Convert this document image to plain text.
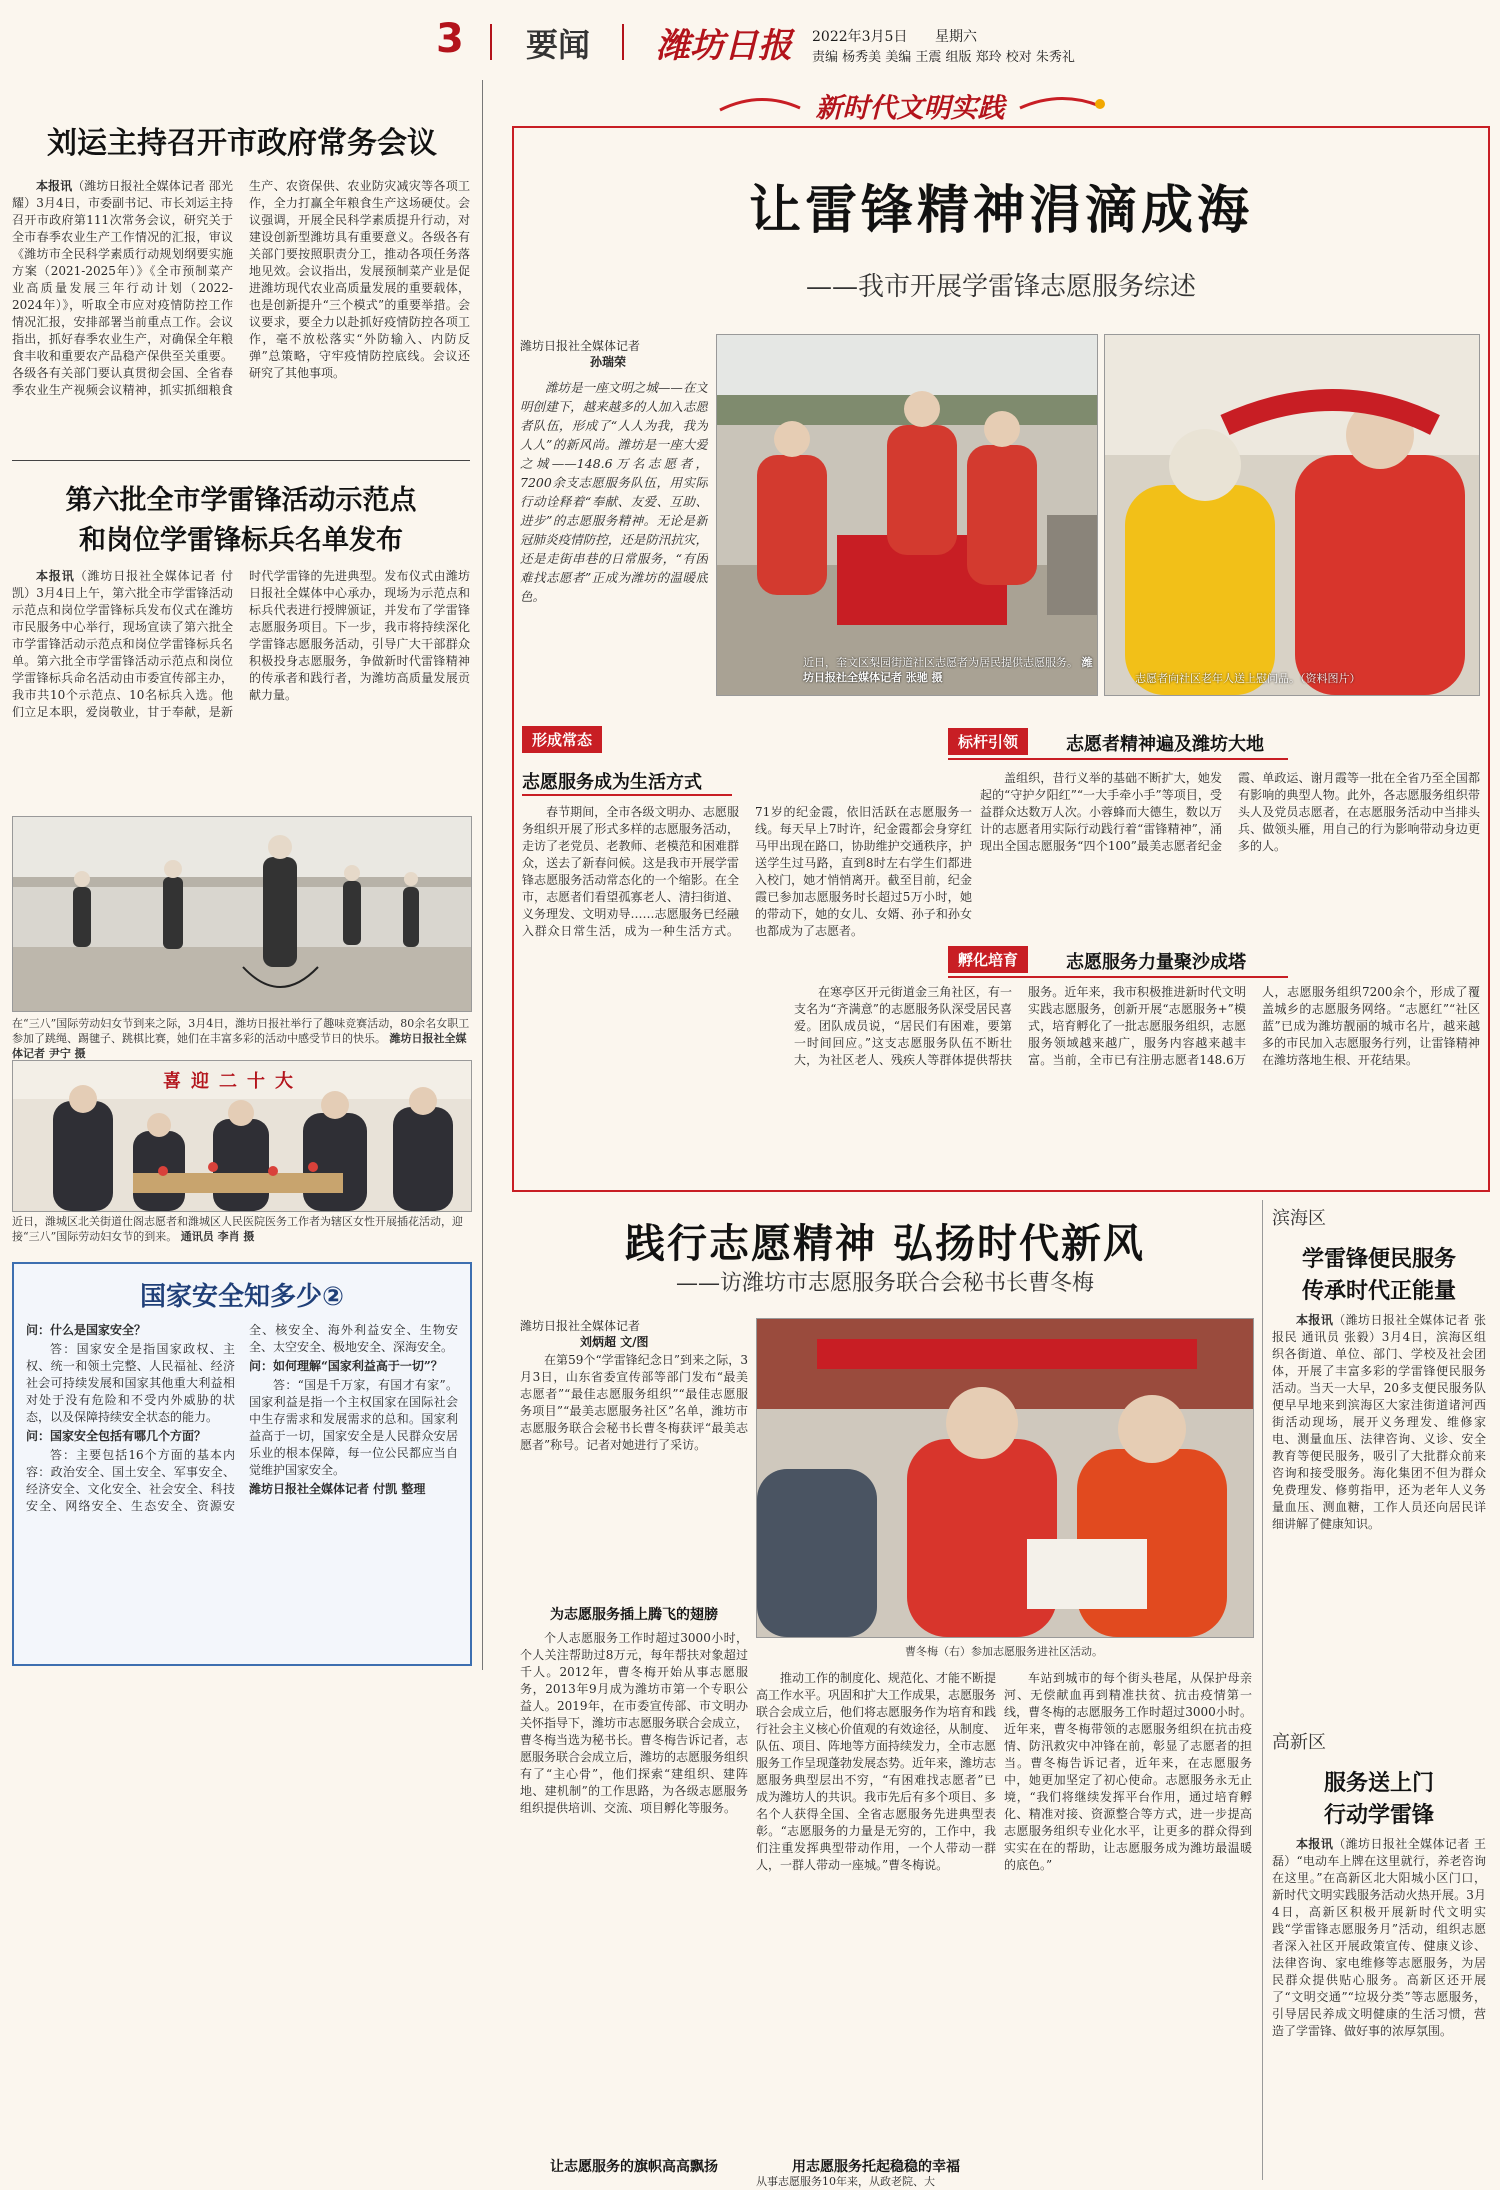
3 要闻 潍坊日报 2022年3月5日 星期六
责编 杨秀美 美编 王震 组版 郑玲 校对 朱秀礼
刘运主持召开市政府常务会议

本报讯（潍坊日报社全媒体记者 邵光耀）3月4日，市委副书记、市长刘运主持召开市政府第111次常务会议，研究关于全市春季农业生产工作情况的汇报，审议《潍坊市全民科学素质行动规划纲要实施方案（2021-2025年）》《全市预制菜产业高质量发展三年行动计划（2022-2024年）》，听取全市应对疫情防控工作情况汇报，安排部署当前重点工作。会议指出，抓好春季农业生产，对确保全年粮食丰收和重要农产品稳产保供至关重要。各级各有关部门要认真贯彻会国、全省春季农业生产视频会议精神，抓实抓细粮食生产、农资保供、农业防灾减灾等各项工作，全力打赢全年粮食生产这场硬仗。会议强调，开展全民科学素质提升行动，对建设创新型潍坊具有重要意义。各级各有关部门要按照职责分工，推动各项任务落地见效。会议指出，发展预制菜产业是促进潍坊现代农业高质量发展的重要载体，也是创新提升“三个模式”的重要举措。会议要求，要全力以赴抓好疫情防控各项工作，毫不放松落实“外防输入、内防反弹”总策略，守牢疫情防控底线。会议还研究了其他事项。

第六批全市学雷锋活动示范点
和岗位学雷锋标兵名单发布

本报讯（潍坊日报社全媒体记者 付凯）3月4日上午，第六批全市学雷锋活动示范点和岗位学雷锋标兵发布仪式在潍坊市民服务中心举行，现场宣读了第六批全市学雷锋活动示范点和岗位学雷锋标兵名单。第六批全市学雷锋活动示范点和岗位学雷锋标兵命名活动由市委宣传部主办，我市共10个示范点、10名标兵入选。他们立足本职，爱岗敬业，甘于奉献，是新时代学雷锋的先进典型。发布仪式由潍坊日报社全媒体中心承办，现场为示范点和标兵代表进行授牌颁证，并发布了学雷锋志愿服务项目。下一步，我市将持续深化学雷锋志愿服务活动，引导广大干部群众积极投身志愿服务，争做新时代雷锋精神的传承者和践行者，为潍坊高质量发展贡献力量。

在“三八”国际劳动妇女节到来之际，3月4日，潍坊日报社举行了趣味竞赛活动，80余名女职工参加了跳绳、踢毽子、跳棋比赛，她们在丰富多彩的活动中感受节日的快乐。 潍坊日报社全媒体记者 尹宁 摄
喜迎二十大
近日，潍城区北关街道仕阁志愿者和潍城区人民医院医务工作者为辖区女性开展插花活动，迎接“三八”国际劳动妇女节的到来。 通讯员 李肖 摄
国家安全知多少②

问：什么是国家安全？

答：国家安全是指国家政权、主权、统一和领土完整、人民福祉、经济社会可持续发展和国家其他重大利益相对处于没有危险和不受内外威胁的状态，以及保障持续安全状态的能力。

问：国家安全包括有哪几个方面？

答：主要包括16个方面的基本内容：政治安全、国土安全、军事安全、经济安全、文化安全、社会安全、科技安全、网络安全、生态安全、资源安全、核安全、海外利益安全、生物安全、太空安全、极地安全、深海安全。

问：如何理解“国家利益高于一切”？

答：“国是千万家，有国才有家”。国家利益是指一个主权国家在国际社会中生存需求和发展需求的总和。国家利益高于一切，国家安全是人民群众安居乐业的根本保障，每一位公民都应当自觉维护国家安全。

潍坊日报社全媒体记者 付凯 整理

新时代文明实践
让雷锋精神涓滴成海
——我市开展学雷锋志愿服务综述
潍坊日报社全媒体记者
孙瑞荣
潍坊是一座文明之城——在文明创建下，越来越多的人加入志愿者队伍，形成了“人人为我，我为人人”的新风尚。潍坊是一座大爱之城——148.6万名志愿者，7200余支志愿服务队伍，用实际行动诠释着“奉献、友爱、互助、进步”的志愿服务精神。无论是新冠肺炎疫情防控，还是防汛抗灾，还是走街串巷的日常服务，“有困难找志愿者”正成为潍坊的温暖底色。
近日，奎文区梨园街道社区志愿者为居民提供志愿服务。 潍坊日报社全媒体记者 张驰 摄	志愿者向社区老年人送上慰问品。（资料图片）
形成常态
志愿服务成为生活方式
春节期间，全市各级文明办、志愿服务组织开展了形式多样的志愿服务活动，走访了老党员、老教师、老模范和困难群众，送去了新春问候。这是我市开展学雷锋志愿服务活动常态化的一个缩影。在全市，志愿者们看望孤寡老人、清扫街道、义务理发、文明劝导……志愿服务已经融入群众日常生活，成为一种生活方式。71岁的纪金霞，依旧活跃在志愿服务一线。每天早上7时许，纪金霞都会身穿红马甲出现在路口，协助维护交通秩序，护送学生过马路，直到8时左右学生们都进入校门，她才悄悄离开。截至目前，纪金霞已参加志愿服务时长超过5万小时，她的带动下，她的女儿、女婿、孙子和孙女也都成为了志愿者。
标杆引领	志愿者精神遍及潍坊大地
盖组织，昔行义举的基础不断扩大，她发起的“守护夕阳红”“一大手牵小手”等项目，受益群众达数万人次。小蓉蜂而大德生，数以万计的志愿者用实际行动践行着“雷锋精神”，涌现出全国志愿服务“四个100”最美志愿者纪金霞、单政运、谢月霞等一批在全省乃至全国都有影响的典型人物。此外，各志愿服务组织带头人及党员志愿者，在志愿服务活动中当排头兵、做领头雁，用自己的行为影响带动身边更多的人。
孵化培育	志愿服务力量聚沙成塔
在寒亭区开元街道金三角社区，有一支名为“齐满意”的志愿服务队深受居民喜爱。团队成员说，“居民们有困难，要第一时间回应。”这支志愿服务队伍不断壮大，为社区老人、残疾人等群体提供帮扶服务。近年来，我市积极推进新时代文明实践志愿服务，创新开展“志愿服务+”模式，培育孵化了一批志愿服务组织，志愿服务领域越来越广，服务内容越来越丰富。当前，全市已有注册志愿者148.6万人，志愿服务组织7200余个，形成了覆盖城乡的志愿服务网络。“志愿红”“社区蓝”已成为潍坊靓丽的城市名片，越来越多的市民加入志愿服务行列，让雷锋精神在潍坊落地生根、开花结果。
践行志愿精神 弘扬时代新风
——访潍坊市志愿服务联合会秘书长曹冬梅
潍坊日报社全媒体记者
刘炳超 文/图
在第59个“学雷锋纪念日”到来之际，3月3日，山东省委宣传部等部门发布“最美志愿者”“最佳志愿服务组织”“最佳志愿服务项目”“最美志愿服务社区”名单，潍坊市志愿服务联合会秘书长曹冬梅获评“最美志愿者”称号。记者对她进行了采访。
曹冬梅（右）参加志愿服务进社区活动。
为志愿服务插上腾飞的翅膀
个人志愿服务工作时超过3000小时，个人关注帮助过8万元，每年帮扶对象超过千人。2012年，曹冬梅开始从事志愿服务，2013年9月成为潍坊市第一个专职公益人。2019年，在市委宣传部、市文明办关怀指导下，潍坊市志愿服务联合会成立，曹冬梅当选为秘书长。曹冬梅告诉记者，志愿服务联合会成立后，潍坊的志愿服务组织有了“主心骨”，他们探索“建组织、建阵地、建机制”的工作思路，为各级志愿服务组织提供培训、交流、项目孵化等服务。
推动工作的制度化、规范化、才能不断提高工作水平。巩固和扩大工作成果，志愿服务联合会成立后，他们将志愿服务作为培育和践行社会主义核心价值观的有效途径，从制度、队伍、项目、阵地等方面持续发力，全市志愿服务工作呈现蓬勃发展态势。近年来，潍坊志愿服务典型层出不穷，“有困难找志愿者”已成为潍坊人的共识。我市先后有多个项目、多名个人获得全国、全省志愿服务先进典型表彰。“志愿服务的力量是无穷的，工作中，我们注重发挥典型带动作用，一个人带动一群人，一群人带动一座城。”曹冬梅说。
让志愿服务的旗帜高高飘扬
车站到城市的每个街头巷尾，从保护母亲河、无偿献血再到精准扶贫、抗击疫情第一线，曹冬梅的志愿服务工作时超过3000小时。近年来，曹冬梅带领的志愿服务组织在抗击疫情、防汛救灾中冲锋在前，彰显了志愿者的担当。曹冬梅告诉记者，近年来，在志愿服务中，她更加坚定了初心使命。志愿服务永无止境，“我们将继续发挥平台作用，通过培育孵化、精准对接、资源整合等方式，进一步提高志愿服务组织专业化水平，让更多的群众得到实实在在的帮助，让志愿服务成为潍坊最温暖的底色。”
用志愿服务托起稳稳的幸福
从事志愿服务10年来，从政老院、大
滨海区
学雷锋便民服务
传承时代正能量

本报讯（潍坊日报社全媒体记者 张报民 通讯员 张毅）3月4日，滨海区组织各街道、单位、部门、学校及社会团体，开展了丰富多彩的学雷锋便民服务活动。当天一大早，20多支便民服务队便早早地来到滨海区大家洼街道诸河西街活动现场，展开义务理发、维修家电、测量血压、法律咨询、义诊、安全教育等便民服务，吸引了大批群众前来咨询和接受服务。海化集团不但为群众免费理发、修剪指甲，还为老年人义务量血压、测血糖，工作人员还向居民详细讲解了健康知识。

高新区
服务送上门
行动学雷锋

本报讯（潍坊日报社全媒体记者 王磊）“电动车上牌在这里就行，养老咨询在这里。”在高新区北大阳城小区门口，新时代文明实践服务活动火热开展。3月4日，高新区积极开展新时代文明实践“学雷锋志愿服务月”活动，组织志愿者深入社区开展政策宣传、健康义诊、法律咨询、家电维修等志愿服务，为居民群众提供贴心服务。高新区还开展了“文明交通”“垃圾分类”等志愿服务，引导居民养成文明健康的生活习惯，营造了学雷锋、做好事的浓厚氛围。
